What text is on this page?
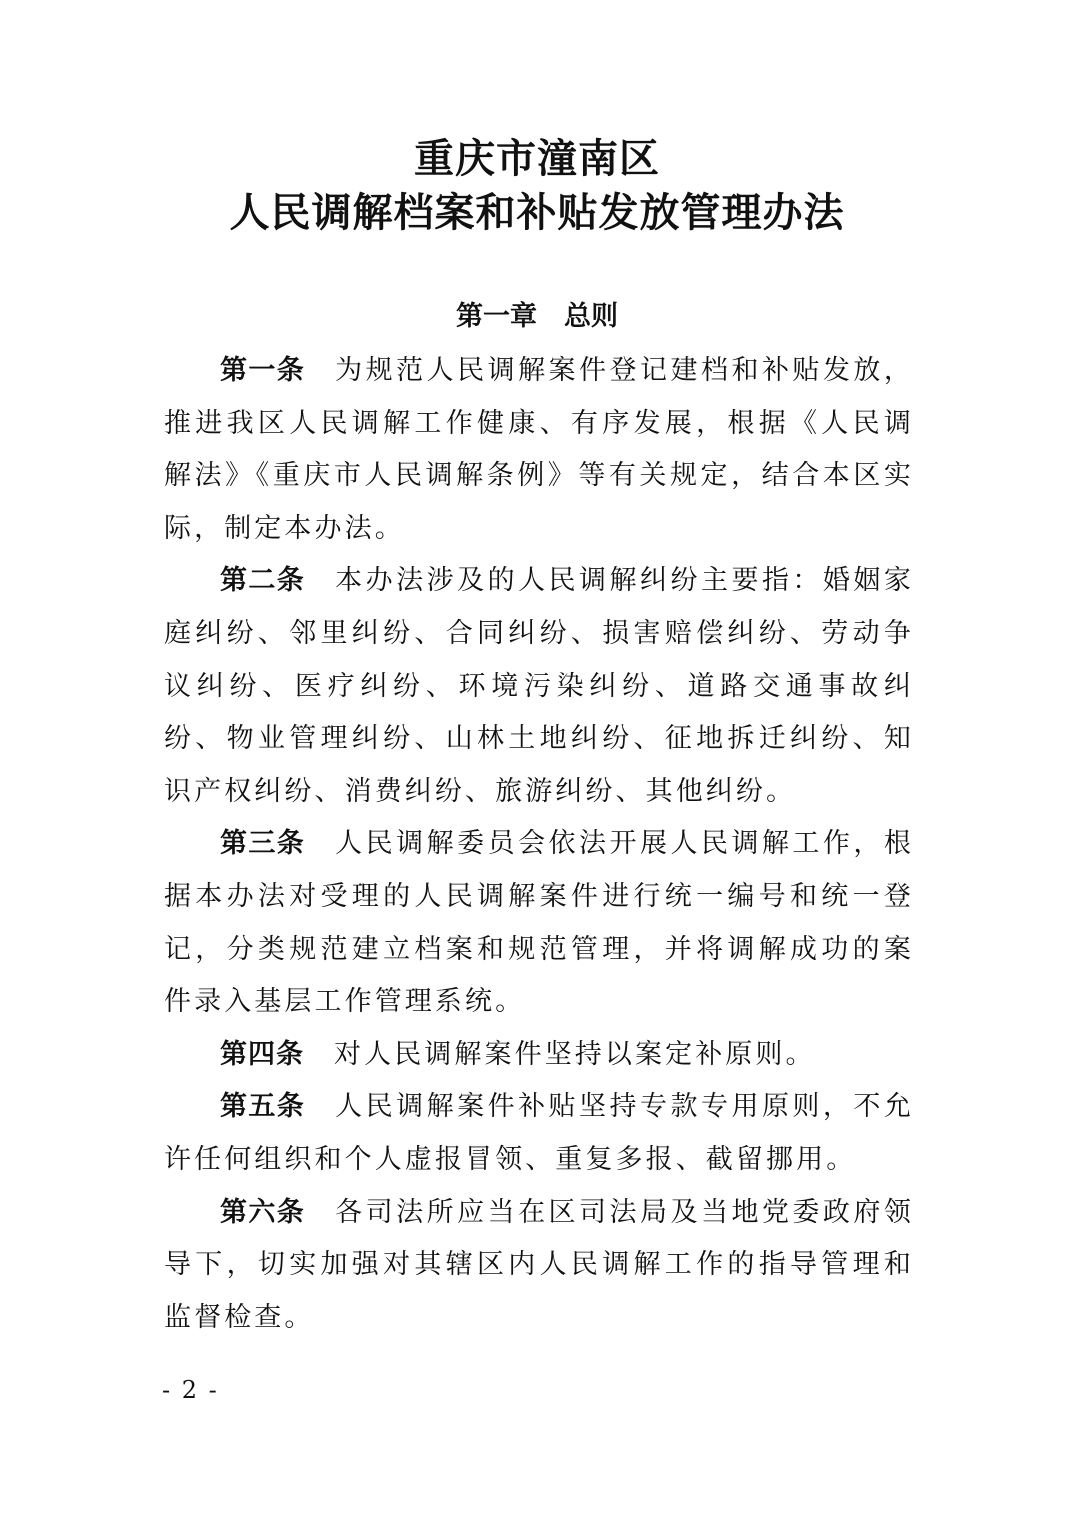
重庆市潼南区
人民调解档案和补贴发放管理办法
第一章　总则

第一条 为规范人民调解案件登记建档和补贴发放，推进我区人民调解工作健康、有序发展，根据《人民调解法》《重庆市人民调解条例》等有关规定，结合本区实际，制定本办法。

第二条 本办法涉及的人民调解纠纷主要指：婚姻家庭纠纷、邻里纠纷、合同纠纷、损害赔偿纠纷、劳动争议纠纷、医疗纠纷、环境污染纠纷、道路交通事故纠纷、物业管理纠纷、山林土地纠纷、征地拆迁纠纷、知识产权纠纷、消费纠纷、旅游纠纷、其他纠纷。

第三条 人民调解委员会依法开展人民调解工作，根据本办法对受理的人民调解案件进行统一编号和统一登记，分类规范建立档案和规范管理，并将调解成功的案件录入基层工作管理系统。

第四条 对人民调解案件坚持以案定补原则。

第五条 人民调解案件补贴坚持专款专用原则，不允许任何组织和个人虚报冒领、重复多报、截留挪用。

第六条 各司法所应当在区司法局及当地党委政府领导下，切实加强对其辖区内人民调解工作的指导管理和监督检查。

- 2 -
